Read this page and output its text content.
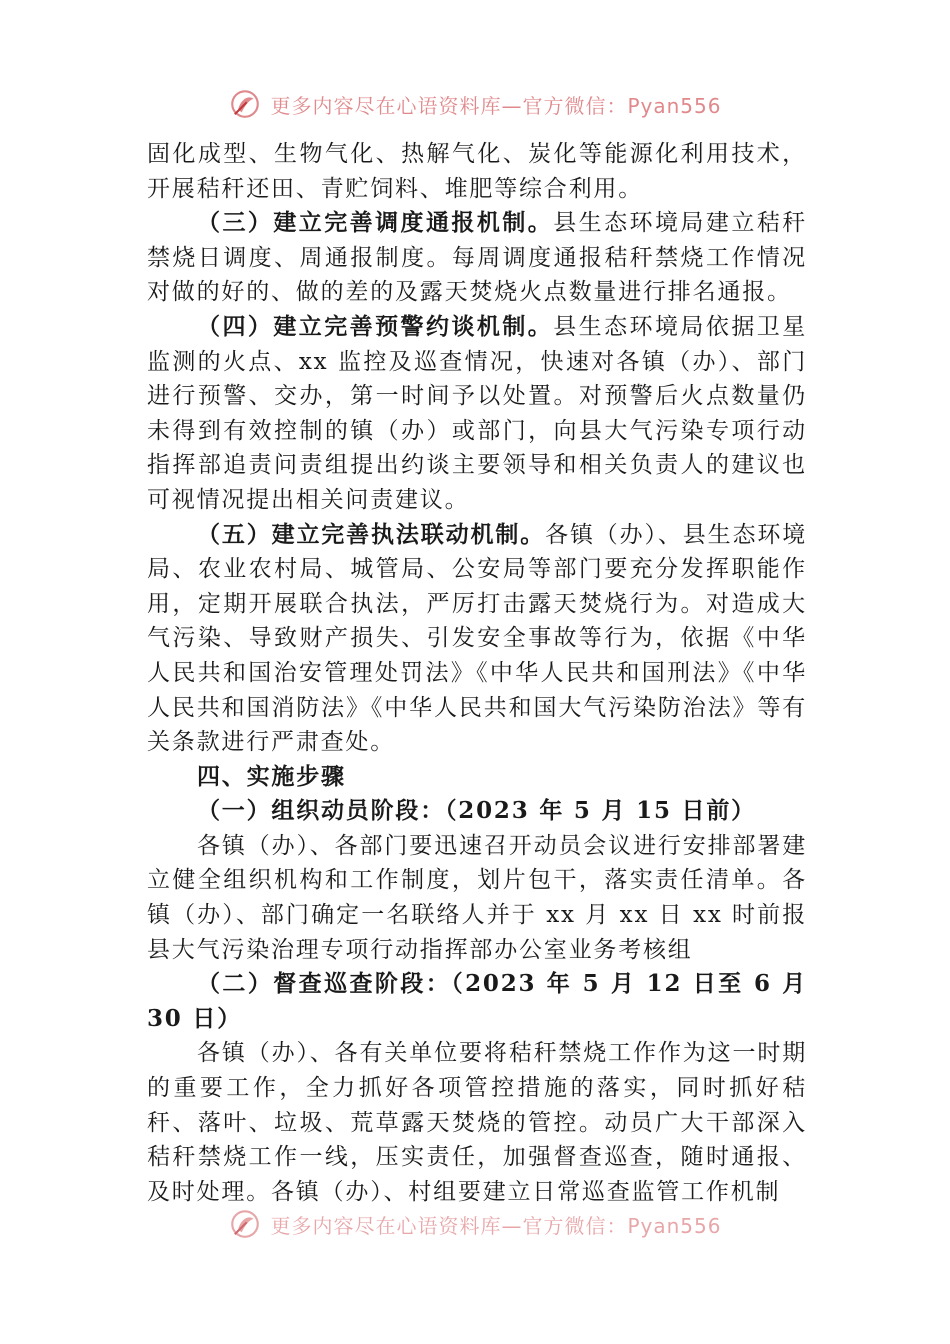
更多内容尽在心语资料库—官方微信：Pyan556

固化成型、生物气化、热解气化、炭化等能源化利用技术，开展秸秆还田、青贮饲料、堆肥等综合利用。

（三）建立完善调度通报机制。县生态环境局建立秸秆禁烧日调度、周通报制度。每周调度通报秸秆禁烧工作情况对做的好的、做的差的及露天焚烧火点数量进行排名通报。

（四）建立完善预警约谈机制。县生态环境局依据卫星监测的火点、xx 监控及巡查情况，快速对各镇（办）、部门进行预警、交办，第一时间予以处置。对预警后火点数量仍未得到有效控制的镇（办）或部门，向县大气污染专项行动指挥部追责问责组提出约谈主要领导和相关负责人的建议也可视情况提出相关问责建议。

（五）建立完善执法联动机制。各镇（办）、县生态环境局、农业农村局、城管局、公安局等部门要充分发挥职能作用，定期开展联合执法，严厉打击露天焚烧行为。对造成大气污染、导致财产损失、引发安全事故等行为，依据《中华人民共和国治安管理处罚法》《中华人民共和国刑法》《中华人民共和国消防法》《中华人民共和国大气污染防治法》等有关条款进行严肃查处。

四、实施步骤

（一）组织动员阶段：（2023 年 5 月 15 日前）

各镇（办）、各部门要迅速召开动员会议进行安排部署建立健全组织机构和工作制度，划片包干，落实责任清单。各镇（办）、部门确定一名联络人并于 xx 月 xx 日 xx 时前报县大气污染治理专项行动指挥部办公室业务考核组

（二）督查巡查阶段：（2023 年 5 月 12 日至 6 月 30 日）

各镇（办）、各有关单位要将秸秆禁烧工作作为这一时期的重要工作，全力抓好各项管控措施的落实，同时抓好秸秆、落叶、垃圾、荒草露天焚烧的管控。动员广大干部深入秸秆禁烧工作一线，压实责任，加强督查巡查，随时通报、及时处理。各镇（办）、村组要建立日常巡查监管工作机制

更多内容尽在心语资料库—官方微信：Pyan556
